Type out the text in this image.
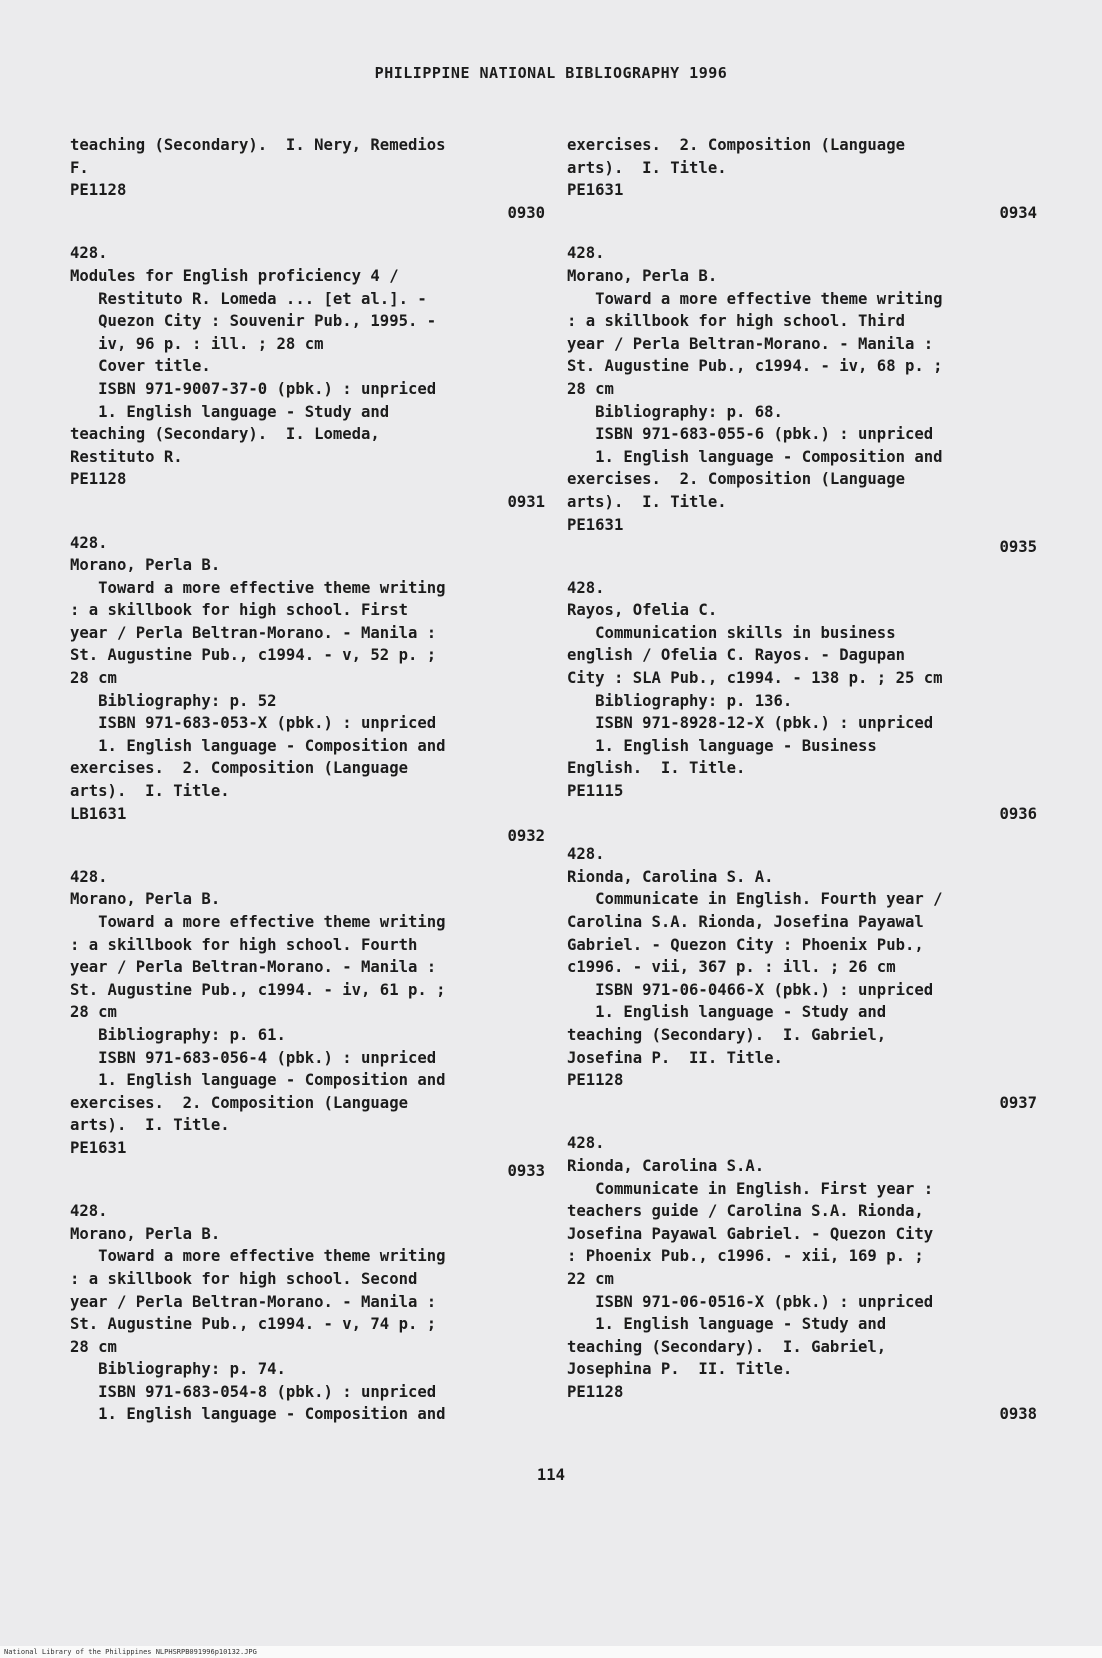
PHILIPPINE NATIONAL BIBLIOGRAPHY 1996
teaching (Secondary).  I. Nery, Remedios
F.
PE1128
0930
428.
Modules for English proficiency 4 /
Restituto R. Lomeda ... [et al.]. -
Quezon City : Souvenir Pub., 1995. -
iv, 96 p. : ill. ; 28 cm
Cover title.
ISBN 971-9007-37-0 (pbk.) : unpriced
1. English language - Study and
teaching (Secondary).  I. Lomeda,
Restituto R.
PE1128
0931
428.
Morano, Perla B.
Toward a more effective theme writing
: a skillbook for high school. First
year / Perla Beltran-Morano. - Manila :
St. Augustine Pub., c1994. - v, 52 p. ;
28 cm
Bibliography: p. 52
ISBN 971-683-053-X (pbk.) : unpriced
1. English language - Composition and
exercises.  2. Composition (Language
arts).  I. Title.
LB1631
0932
428.
Morano, Perla B.
Toward a more effective theme writing
: a skillbook for high school. Fourth
year / Perla Beltran-Morano. - Manila :
St. Augustine Pub., c1994. - iv, 61 p. ;
28 cm
Bibliography: p. 61.
ISBN 971-683-056-4 (pbk.) : unpriced
1. English language - Composition and
exercises.  2. Composition (Language
arts).  I. Title.
PE1631
0933
428.
Morano, Perla B.
Toward a more effective theme writing
: a skillbook for high school. Second
year / Perla Beltran-Morano. - Manila :
St. Augustine Pub., c1994. - v, 74 p. ;
28 cm
Bibliography: p. 74.
ISBN 971-683-054-8 (pbk.) : unpriced
1. English language - Composition and
exercises.  2. Composition (Language
arts).  I. Title.
PE1631
0934
428.
Morano, Perla B.
Toward a more effective theme writing
: a skillbook for high school. Third
year / Perla Beltran-Morano. - Manila :
St. Augustine Pub., c1994. - iv, 68 p. ;
28 cm
Bibliography: p. 68.
ISBN 971-683-055-6 (pbk.) : unpriced
1. English language - Composition and
exercises.  2. Composition (Language
arts).  I. Title.
PE1631
0935
428.
Rayos, Ofelia C.
Communication skills in business
english / Ofelia C. Rayos. - Dagupan
City : SLA Pub., c1994. - 138 p. ; 25 cm
Bibliography: p. 136.
ISBN 971-8928-12-X (pbk.) : unpriced
1. English language - Business
English.  I. Title.
PE1115
0936
428.
Rionda, Carolina S. A.
Communicate in English. Fourth year /
Carolina S.A. Rionda, Josefina Payawal
Gabriel. - Quezon City : Phoenix Pub.,
c1996. - vii, 367 p. : ill. ; 26 cm
ISBN 971-06-0466-X (pbk.) : unpriced
1. English language - Study and
teaching (Secondary).  I. Gabriel,
Josefina P.  II. Title.
PE1128
0937
428.
Rionda, Carolina S.A.
Communicate in English. First year :
teachers guide / Carolina S.A. Rionda,
Josefina Payawal Gabriel. - Quezon City
: Phoenix Pub., c1996. - xii, 169 p. ;
22 cm
ISBN 971-06-0516-X (pbk.) : unpriced
1. English language - Study and
teaching (Secondary).  I. Gabriel,
Josephina P.  II. Title.
PE1128
0938
114
National Library of the Philippines NLPHSRPB091996p10132.JPG
